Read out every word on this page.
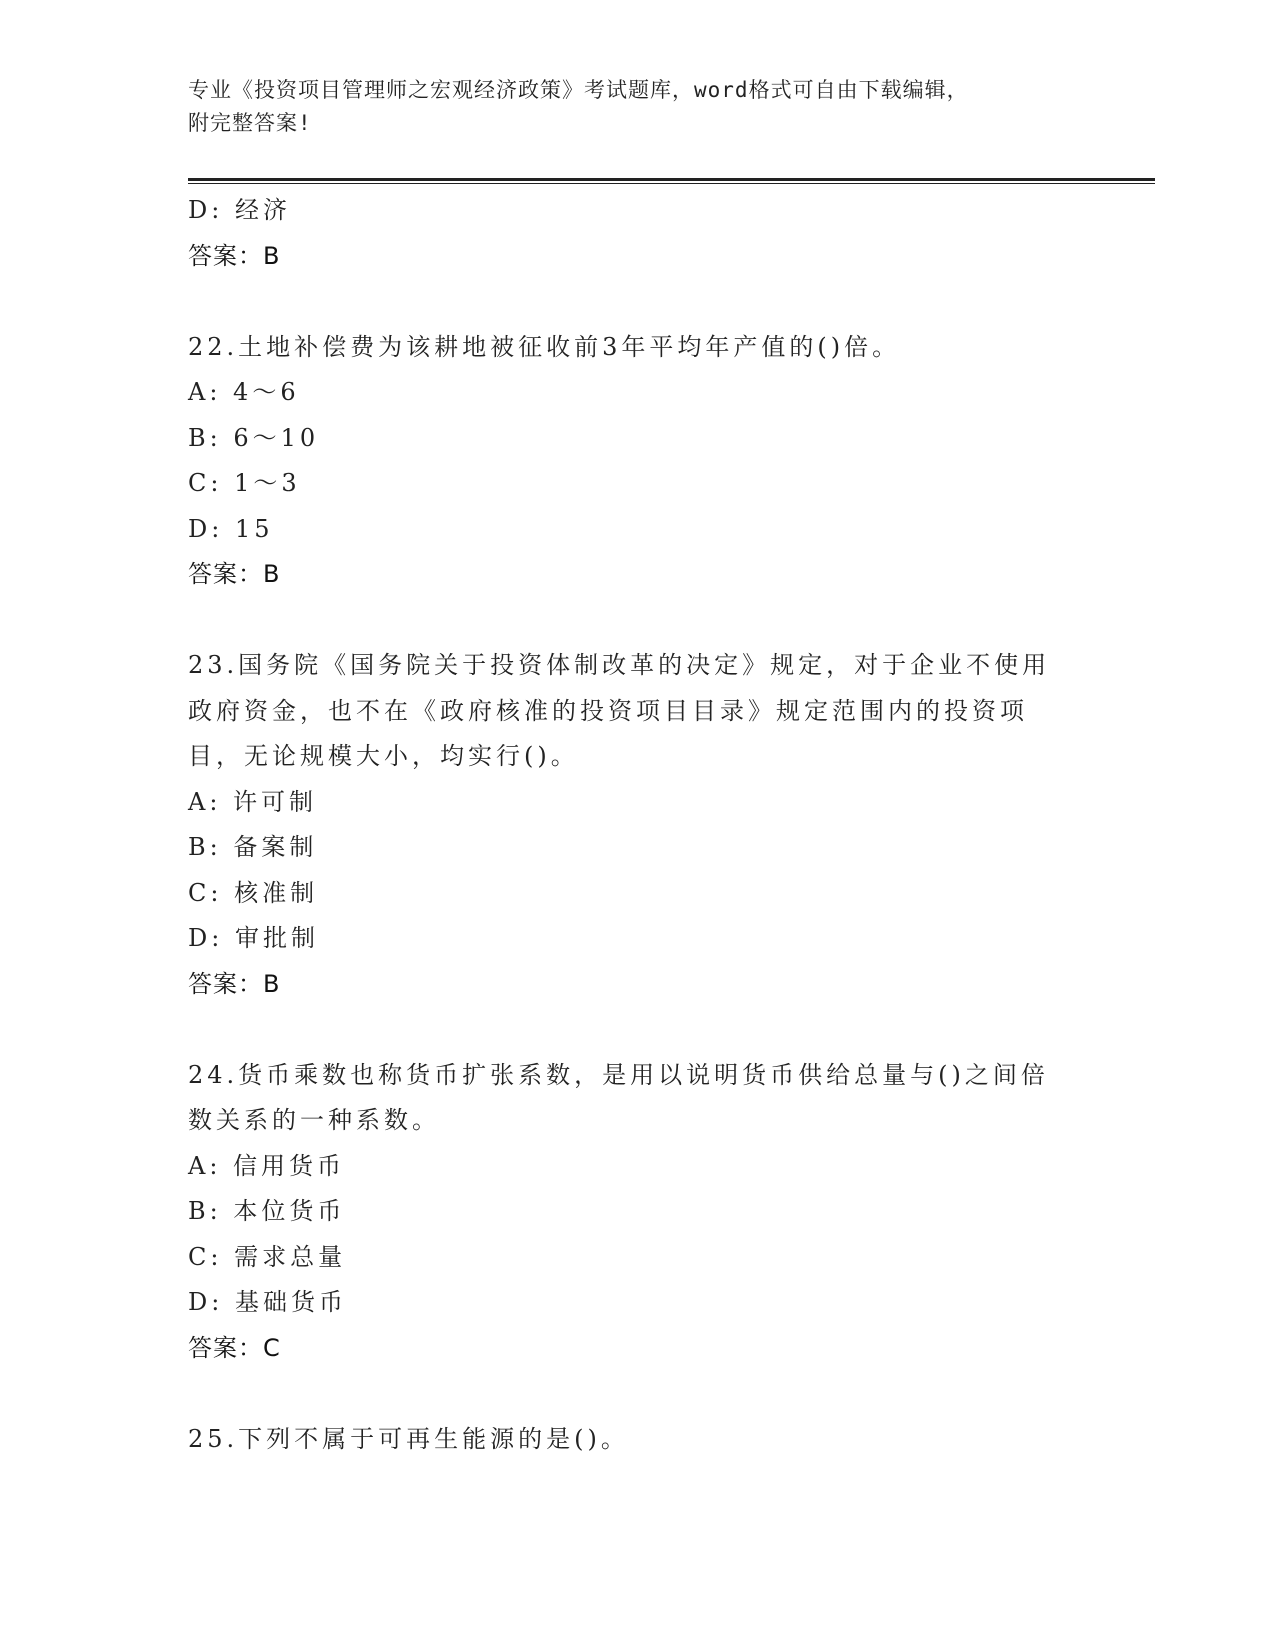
专业《投资项目管理师之宏观经济政策》考试题库，word格式可自由下载编辑，
附完整答案!
D: 经济
答案：B
22.土地补偿费为该耕地被征收前3年平均年产值的()倍。
A: 4～6
B: 6～10
C: 1～3
D: 15
答案：B
23.国务院《国务院关于投资体制改革的决定》规定，对于企业不使用
政府资金，也不在《政府核准的投资项目目录》规定范围内的投资项
目，无论规模大小，均实行()。
A: 许可制
B: 备案制
C: 核准制
D: 审批制
答案：B
24.货币乘数也称货币扩张系数，是用以说明货币供给总量与()之间倍
数关系的一种系数。
A: 信用货币
B: 本位货币
C: 需求总量
D: 基础货币
答案：C
25.下列不属于可再生能源的是()。
